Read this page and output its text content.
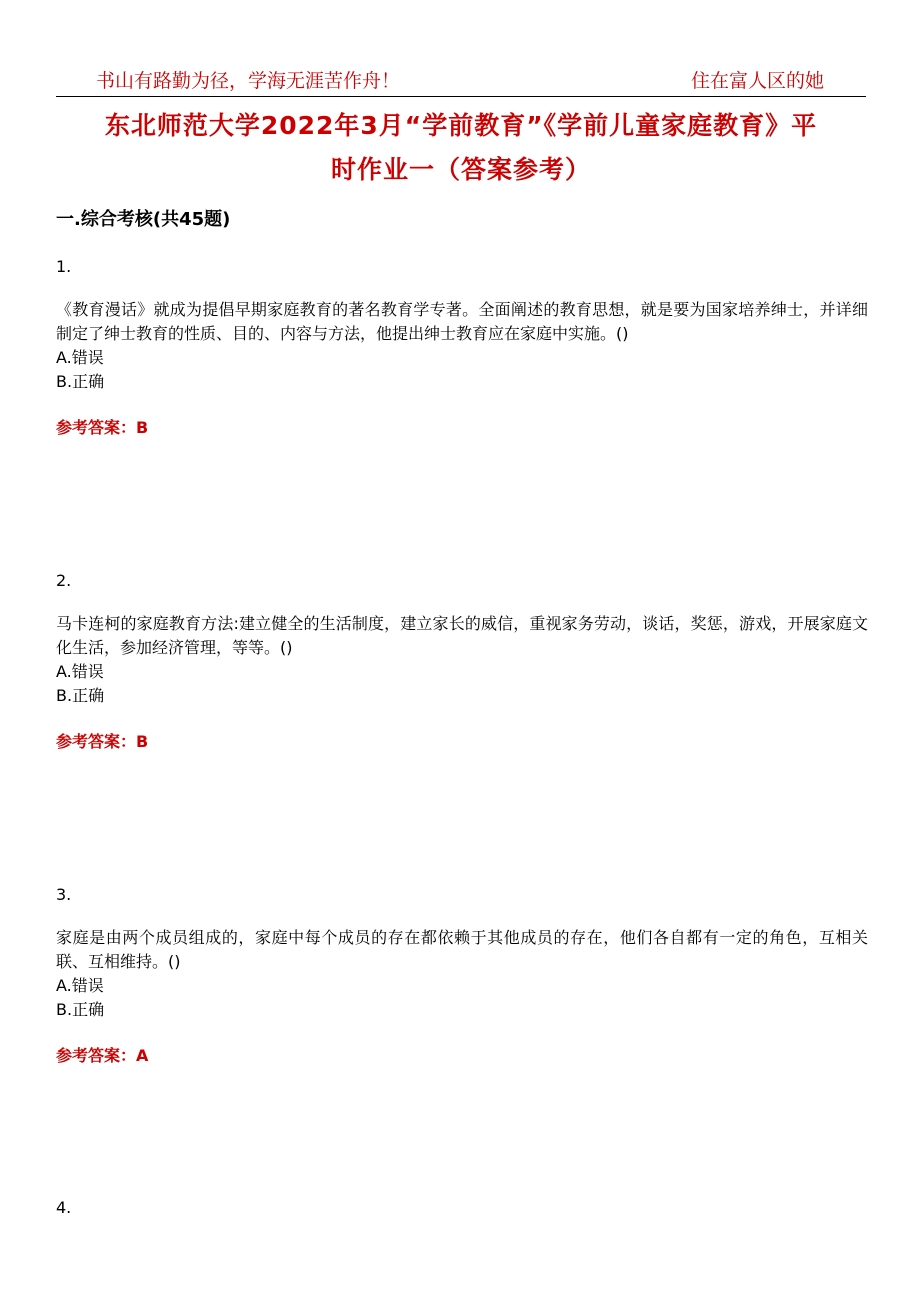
书山有路勤为径，学海无涯苦作舟！	住在富人区的她
东北师范大学2022年3月“学前教育”《学前儿童家庭教育》平
时作业一（答案参考）
一.综合考核(共45题)
1.
《教育漫话》就成为提倡早期家庭教育的著名教育学专著。全面阐述的教育思想，就是要为国家培养绅士，并详细制定了绅士教育的性质、目的、内容与方法，他提出绅士教育应在家庭中实施。()
A.错误
B.正确
参考答案：B
2.
马卡连柯的家庭教育方法:建立健全的生活制度，建立家长的威信，重视家务劳动，谈话，奖惩，游戏，开展家庭文化生活，参加经济管理，等等。()
A.错误
B.正确
参考答案：B
3.
家庭是由两个成员组成的，家庭中每个成员的存在都依赖于其他成员的存在，他们各自都有一定的角色，互相关联、互相维持。()
A.错误
B.正确
参考答案：A
4.
